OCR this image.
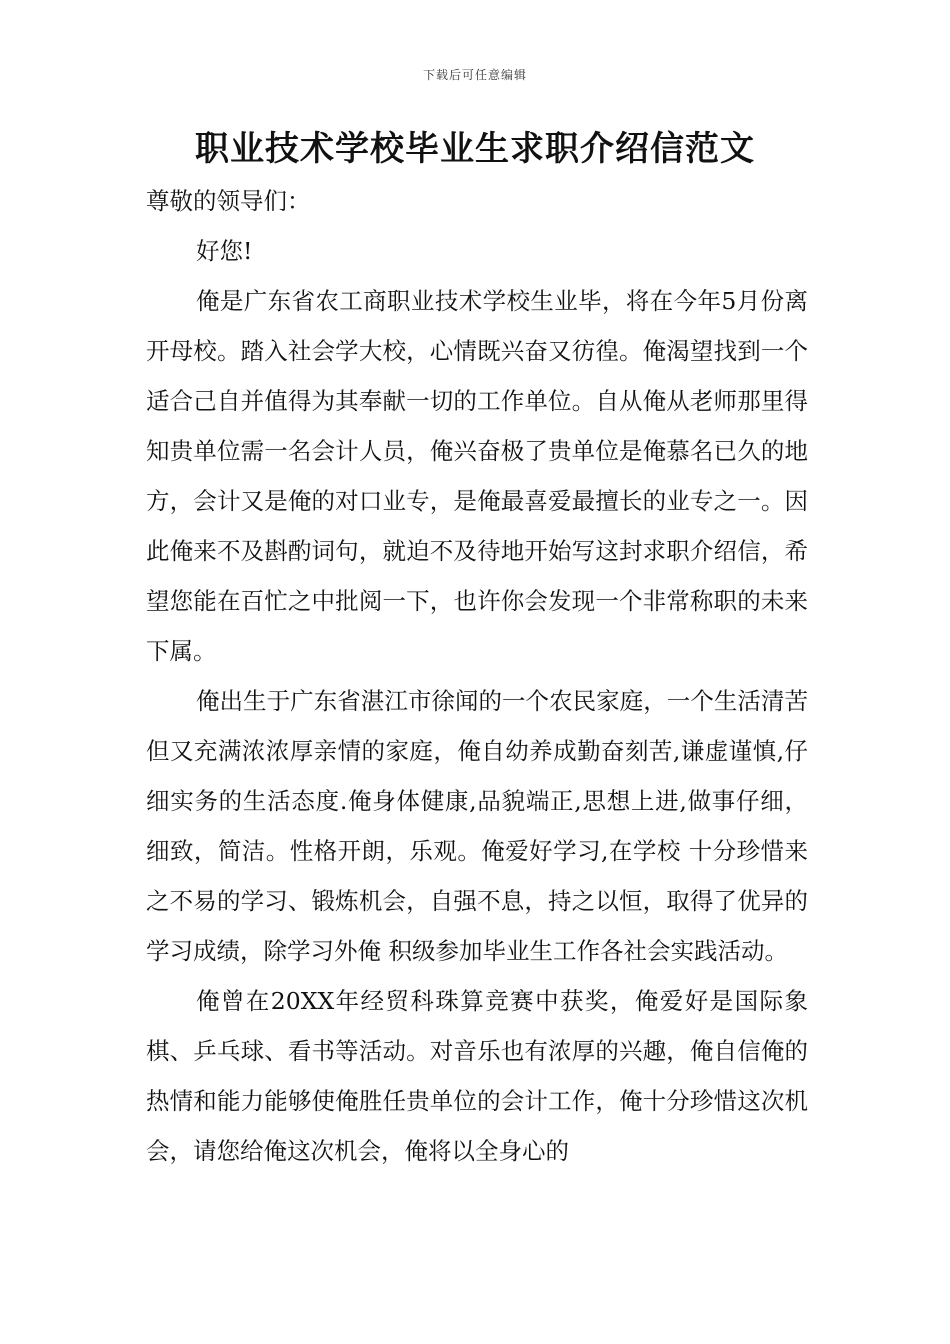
下载后可任意编辑
职业技术学校毕业生求职介绍信范文

尊敬的领导们：

好您!

俺是广东省农工商职业技术学校生业毕，将在今年5月份离开母校。踏入社会学大校，心情既兴奋又彷徨。俺渴望找到一个适合己自并值得为其奉献一切的工作单位。自从俺从老师那里得知贵单位需一名会计人员，俺兴奋极了贵单位是俺慕名已久的地方，会计又是俺的对口业专，是俺最喜爱最擅长的业专之一。因此俺来不及斟酌词句，就迫不及待地开始写这封求职介绍信，希望您能在百忙之中批阅一下，也许你会发现一个非常称职的未来下属。

俺出生于广东省湛江市徐闻的一个农民家庭，一个生活清苦但又充满浓浓厚亲情的家庭，俺自幼养成勤奋刻苦,谦虚谨慎,仔细实务的生活态度.俺身体健康,品貌端正,思想上进,做事仔细，细致，简洁。性格开朗，乐观。俺爱好学习,在学校 十分珍惜来之不易的学习、锻炼机会，自强不息，持之以恒，取得了优异的学习成绩，除学习外俺 积级参加毕业生工作各社会实践活动。

俺曾在20XX年经贸科珠算竞赛中获奖，俺爱好是国际象棋、乒乓球、看书等活动。对音乐也有浓厚的兴趣，俺自信俺的热情和能力能够使俺胜任贵单位的会计工作，俺十分珍惜这次机会，请您给俺这次机会，俺将以全身心的
